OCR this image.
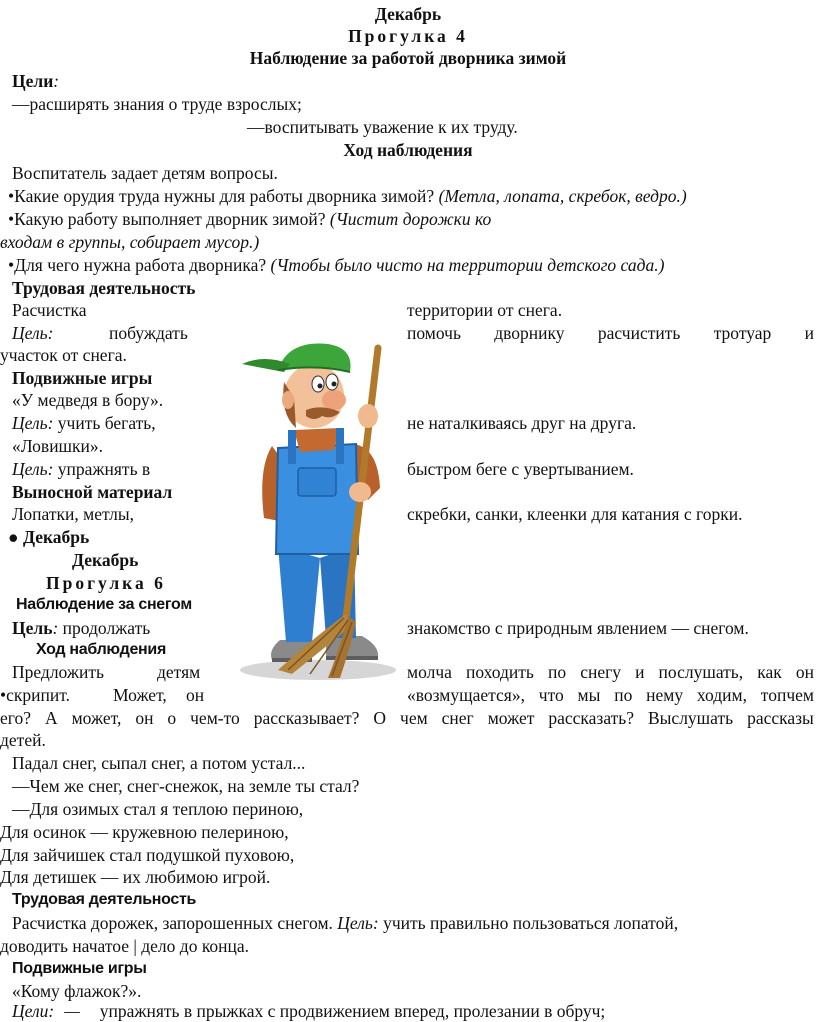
Декабрь
Прогулка 4
Наблюдение за работой дворника зимой
Цели:
—расширять знания о труде взрослых;
—воспитывать уважение к их труду.
Ход наблюдения
Воспитатель задает детям вопросы.
•Какие орудия труда нужны для работы дворника зимой? (Метла, лопата, скребок, ведро.)
•Какую работу выполняет дворник зимой? (Чистит дорожки ко
входам в группы, собирает мусор.)
•Для чего нужна работа дворника? (Чтобы было чисто на территории детского сада.)
Трудовая деятельность
Расчистка	территории от снега.
Цель:	побуждать	помочь дворнику расчистить тротуар и
участок от снега.
Подвижные игры
«У медведя в бору».
Цель: учить бегать,	не наталкиваясь друг на друга.
«Ловишки».
Цель: упражнять в	быстром беге с увертыванием.
Выносной материал
Лопатки, метлы,	скребки, санки, клеенки для катания с горки.
● Декабрь
Декабрь
Прогулка 6
Наблюдение за снегом
Цель: продолжать	знакомство с природным явлением — снегом.
Ход наблюдения
Предложить	детям	молча походить по снегу и послушать, как он
•скрипит. Может, он	«возмущается», что мы по нему ходим, топчем
его? А может, он о чем-то рассказывает? О чем снег может рассказать? Выслушать рассказы
детей.
Падал снег, сыпал снег, а потом устал...
—Чем же снег, снег-снежок, на земле ты стал?
—Для озимых стал я теплою периною,
Для осинок — кружевною пелериною,
Для зайчишек стал подушкой пуховою,
Для детишек — их любимою игрой.
Трудовая деятельность
Расчистка дорожек, запорошенных снегом. Цель: учить правильно пользоваться лопатой,
доводить начатое | дело до конца.
Подвижные игры
«Кому флажок?».
Цели: — упражнять в прыжках с продвижением вперед, пролезании в обруч;
